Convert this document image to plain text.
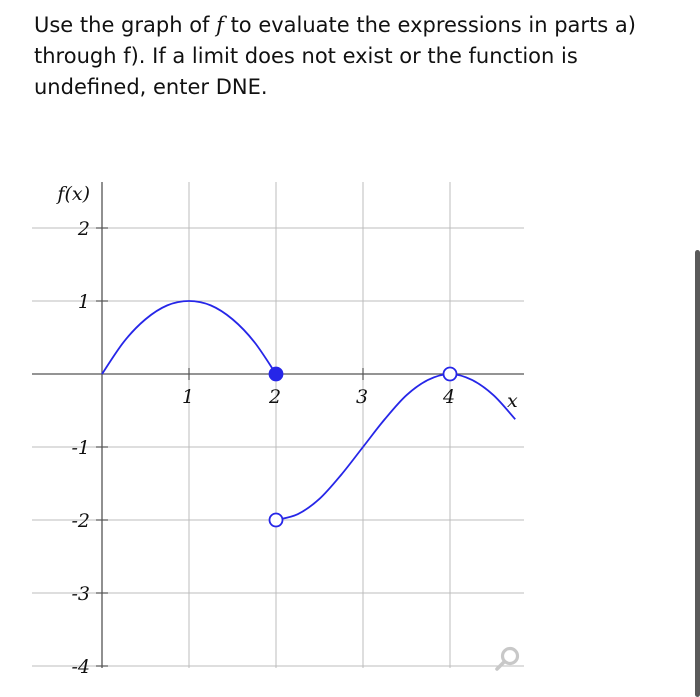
Use the graph of f to evaluate the expressions in parts a)
through f). If a limit does not exist or the function is
undefined, enter DNE.
1	2	3	4
2
1
-1
-2
-3
-4
f(x)
x
